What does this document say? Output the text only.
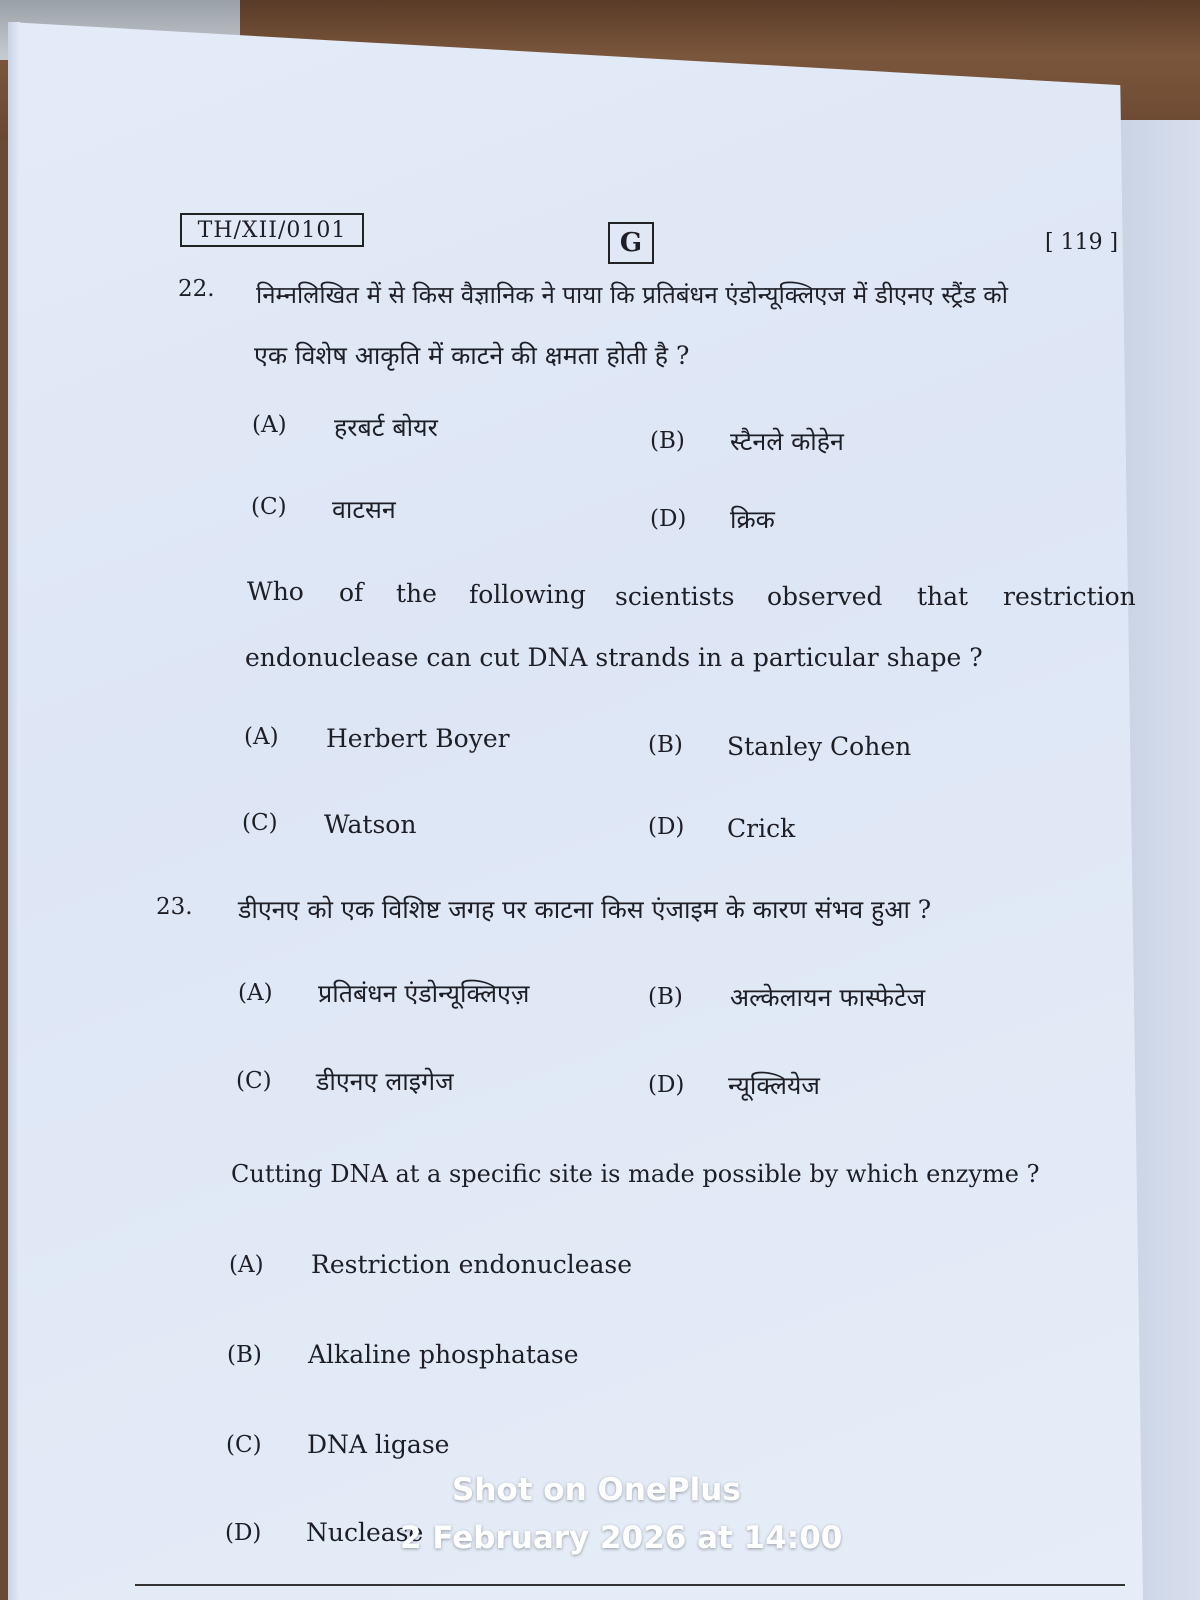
TH/XII/0101	G	[ 119 ]
22. निम्नलिखित में से किस वैज्ञानिक ने पाया कि प्रतिबंधन एंडोन्यूक्लिएज में डीएनए स्ट्रैंड को
एक विशेष आकृति में काटने की क्षमता होती है ?
(A) हरबर्ट बोयर	(B) स्टैनले कोहेन
(C) वाटसन	(D) क्रिक
Who of the following scientists observed that restriction
endonuclease can cut DNA strands in a particular shape ?
(A) Herbert Boyer	(B) Stanley Cohen
(C) Watson	(D) Crick
23. डीएनए को एक विशिष्ट जगह पर काटना किस एंजाइम के कारण संभव हुआ ?
(A) प्रतिबंधन एंडोन्यूक्लिएज़	(B) अल्केलायन फास्फेटेज
(C) डीएनए लाइगेज	(D) न्यूक्लियेज
Cutting DNA at a specific site is made possible by which enzyme ?
(A) Restriction endonuclease
(B) Alkaline phosphatase
(C) DNA ligase
(D) Nuclease
Shot on OnePlus
2 February 2026 at 14:00
